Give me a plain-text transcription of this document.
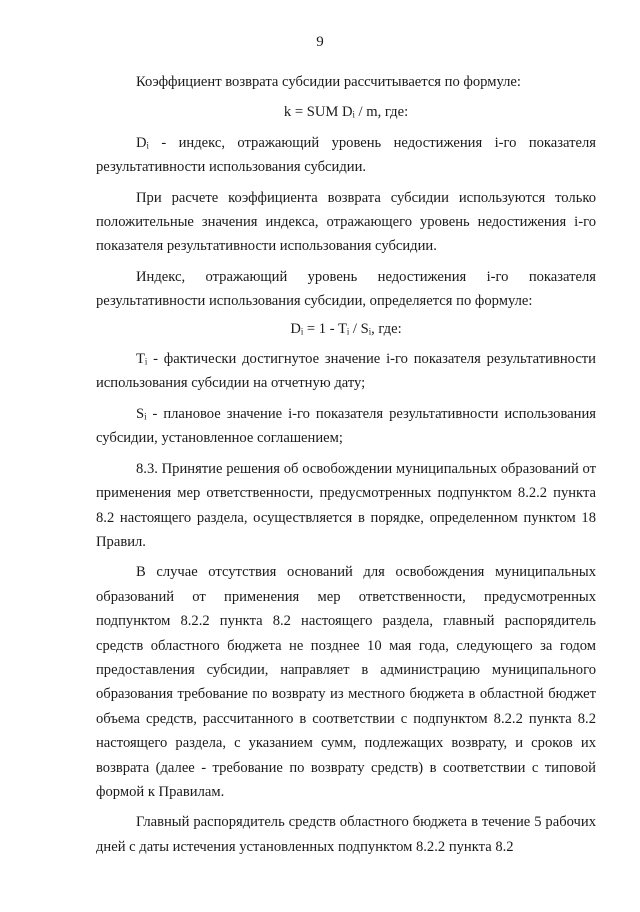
9

Коэффициент возврата субсидии рассчитывается по формуле:

k = SUM Dᵢ / m, где:

Dᵢ - индекс, отражающий уровень недостижения i-го показателя результативности использования субсидии.

При расчете коэффициента возврата субсидии используются только положительные значения индекса, отражающего уровень недостижения i-го показателя результативности использования субсидии.

Индекс, отражающий уровень недостижения i-го показателя результативности использования субсидии, определяется по формуле:

Dᵢ = 1 - Tᵢ / Sᵢ, где:

Tᵢ - фактически достигнутое значение i-го показателя результативности использования субсидии на отчетную дату;

Sᵢ - плановое значение i-го показателя результативности использования субсидии, установленное соглашением;

8.3. Принятие решения об освобождении муниципальных образований от применения мер ответственности, предусмотренных подпунктом 8.2.2 пункта 8.2 настоящего раздела, осуществляется в порядке, определенном пунктом 18 Правил.

В случае отсутствия оснований для освобождения муниципальных образований от применения мер ответственности, предусмотренных подпунктом 8.2.2 пункта 8.2 настоящего раздела, главный распорядитель средств областного бюджета не позднее 10 мая года, следующего за годом предоставления субсидии, направляет в администрацию муниципального образования требование по возврату из местного бюджета в областной бюджет объема средств, рассчитанного в соответствии с подпунктом 8.2.2 пункта 8.2 настоящего раздела, с указанием сумм, подлежащих возврату, и сроков их возврата (далее - требование по возврату средств) в соответствии с типовой формой к Правилам.

Главный распорядитель средств областного бюджета в течение 5 рабочих дней с даты истечения установленных подпунктом 8.2.2 пункта 8.2
